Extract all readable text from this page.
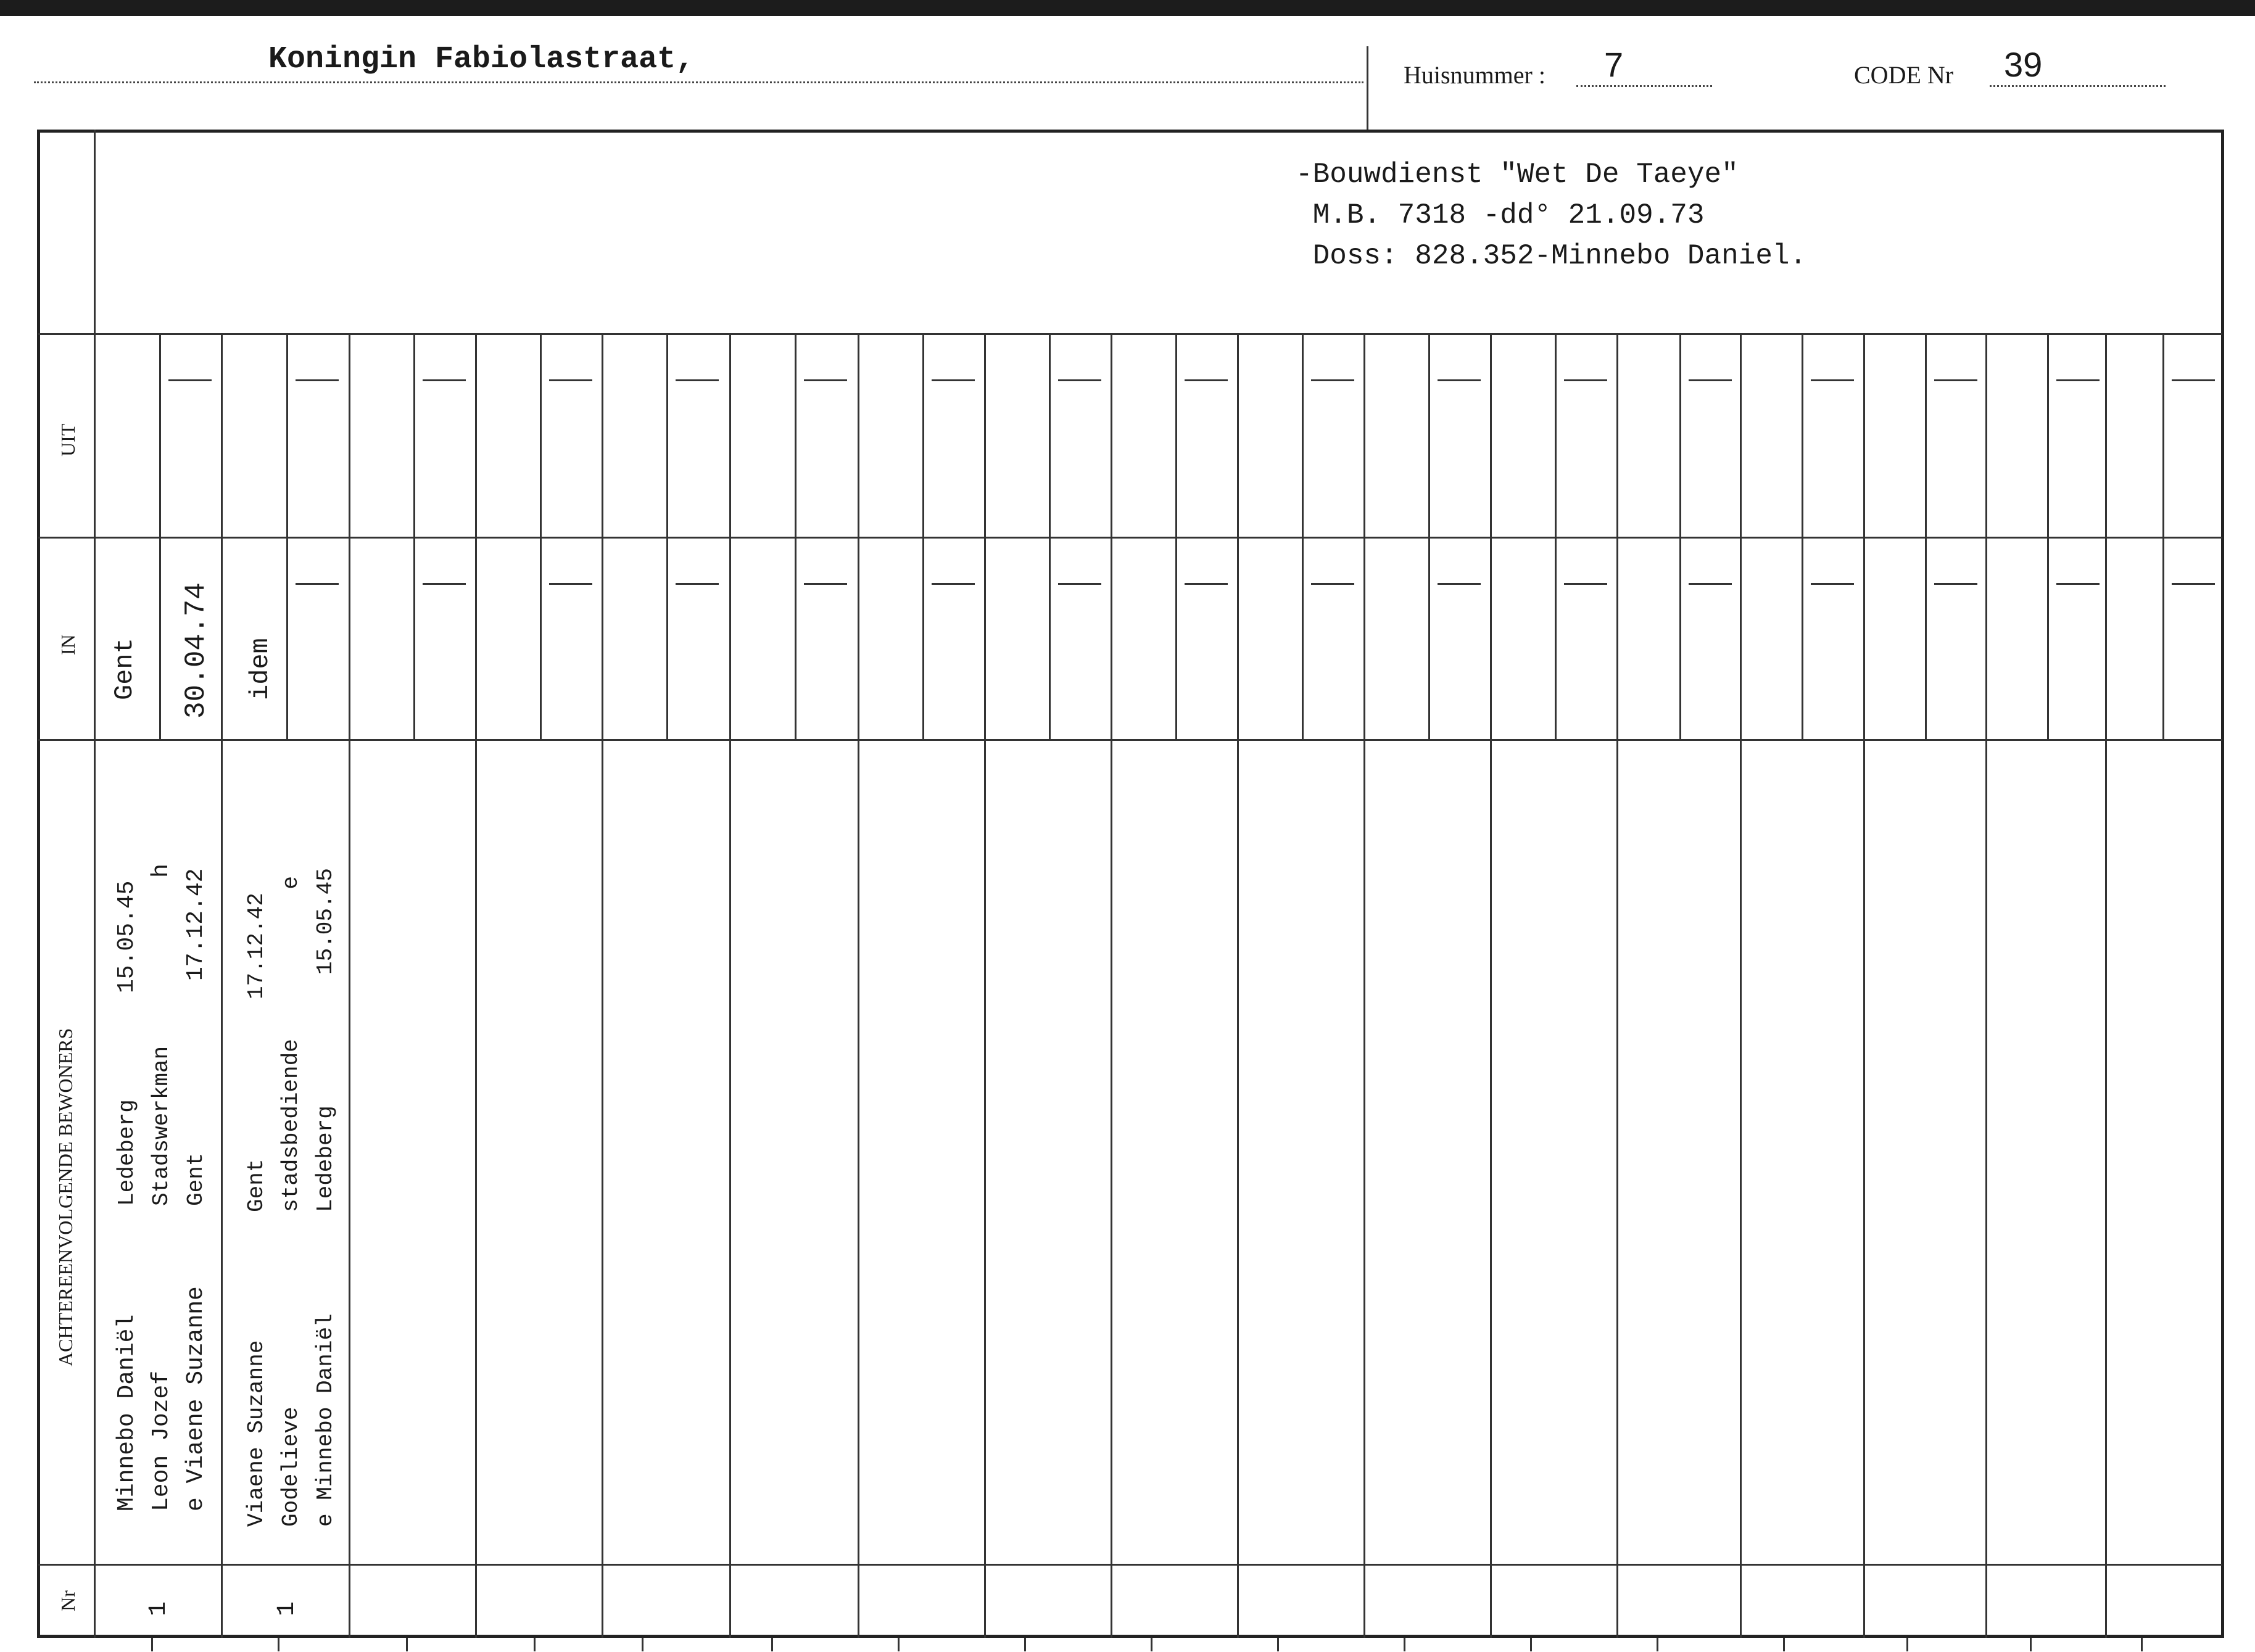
Koningin Fabiolastraat,	Huisnummer : 7	CODE Nr 39
-Bouwdienst "Wet De Taeye"
M.B. 7318 -dd° 21.09.73
Doss: 828.352-Minnebo Daniel.
UIT
IN
ACHTEREENVOLGENDE BEWONERS
Nr
Gent 30.04.74
Minnebo Daniël Leon Jozef e Viaene Suzanne
Ledeberg Stadswerkman Gent
15.05.45
h 17.12.42
1
idem
Viaene Suzanne Godelieve e Minnebo Daniël
Gent stadsbediende Ledeberg
17.12.42
e 15.05.45
1
